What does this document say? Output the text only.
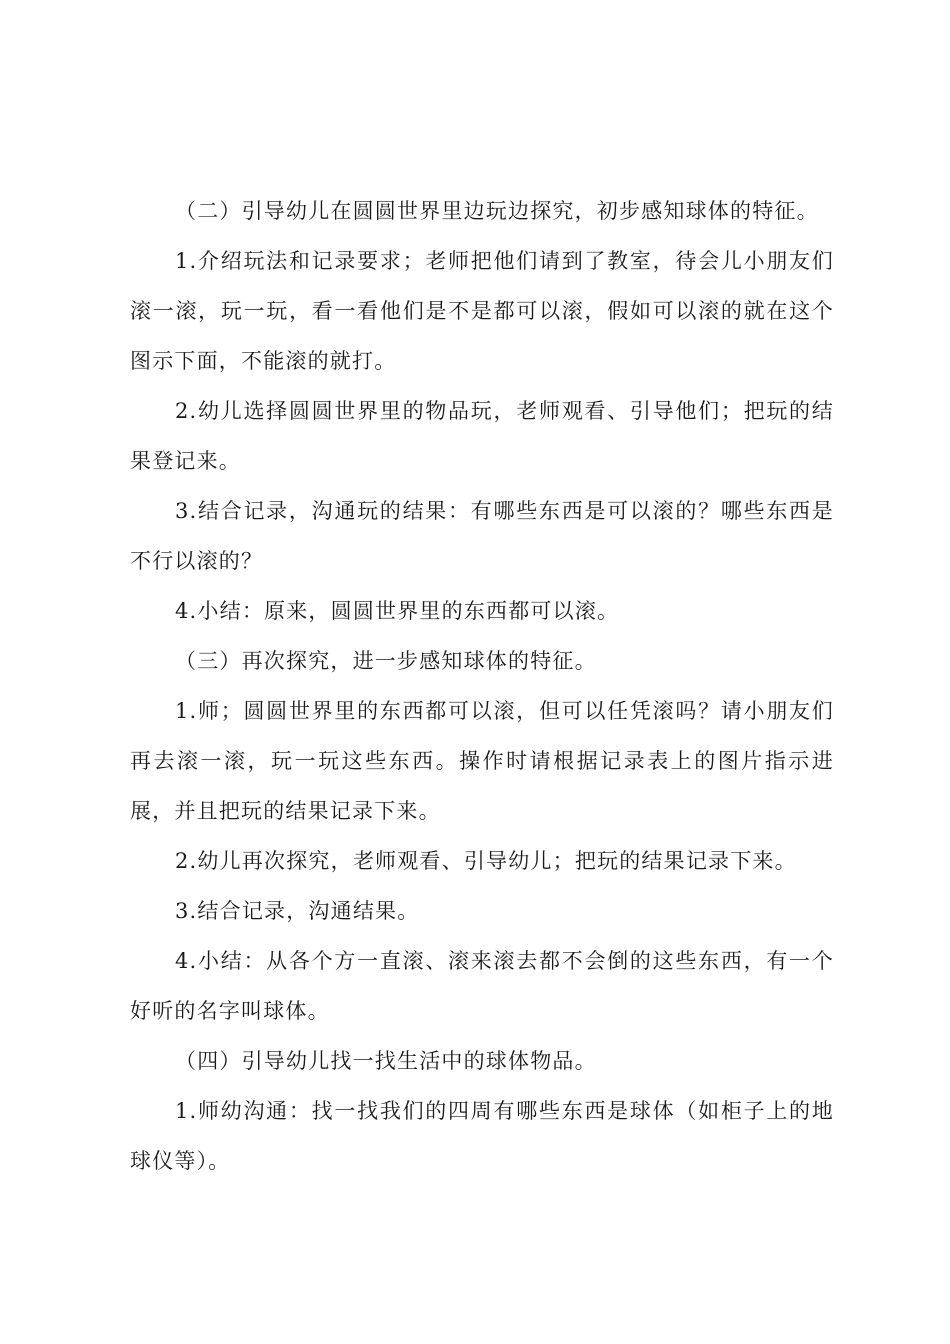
（二）引导幼儿在圆圆世界里边玩边探究，初步感知球体的特征。

1.介绍玩法和记录要求；老师把他们请到了教室，待会儿小朋友们滚一滚，玩一玩，看一看他们是不是都可以滚，假如可以滚的就在这个图示下面，不能滚的就打。

2.幼儿选择圆圆世界里的物品玩，老师观看、引导他们；把玩的结果登记来。

3.结合记录，沟通玩的结果：有哪些东西是可以滚的？哪些东西是不行以滚的？

4.小结：原来，圆圆世界里的东西都可以滚。

（三）再次探究，进一步感知球体的特征。

1.师；圆圆世界里的东西都可以滚，但可以任凭滚吗？请小朋友们再去滚一滚，玩一玩这些东西。操作时请根据记录表上的图片指示进展，并且把玩的结果记录下来。

2.幼儿再次探究，老师观看、引导幼儿；把玩的结果记录下来。

3.结合记录，沟通结果。

4.小结：从各个方一直滚、滚来滚去都不会倒的这些东西，有一个好听的名字叫球体。

（四）引导幼儿找一找生活中的球体物品。

1.师幼沟通：找一找我们的四周有哪些东西是球体（如柜子上的地球仪等）。
